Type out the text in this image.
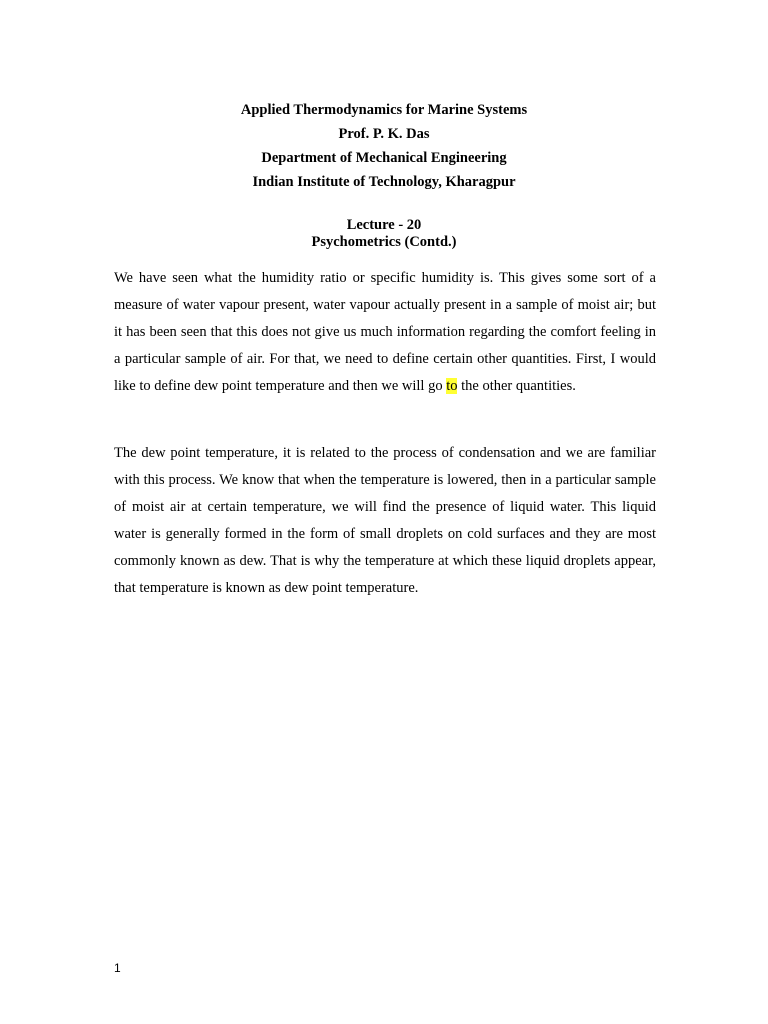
Applied Thermodynamics for Marine Systems
Prof. P. K. Das
Department of Mechanical Engineering
Indian Institute of Technology, Kharagpur
Lecture - 20
Psychometrics (Contd.)

We have seen what the humidity ratio or specific humidity is. This gives some sort of a measure of water vapour present, water vapour actually present in a sample of moist air; but it has been seen that this does not give us much information regarding the comfort feeling in a particular sample of air. For that, we need to define certain other quantities. First, I would like to define dew point temperature and then we will go to the other quantities.

The dew point temperature, it is related to the process of condensation and we are familiar with this process. We know that when the temperature is lowered, then in a particular sample of moist air at certain temperature, we will find the presence of liquid water. This liquid water is generally formed in the form of small droplets on cold surfaces and they are most commonly known as dew. That is why the temperature at which these liquid droplets appear, that temperature is known as dew point temperature.

1
